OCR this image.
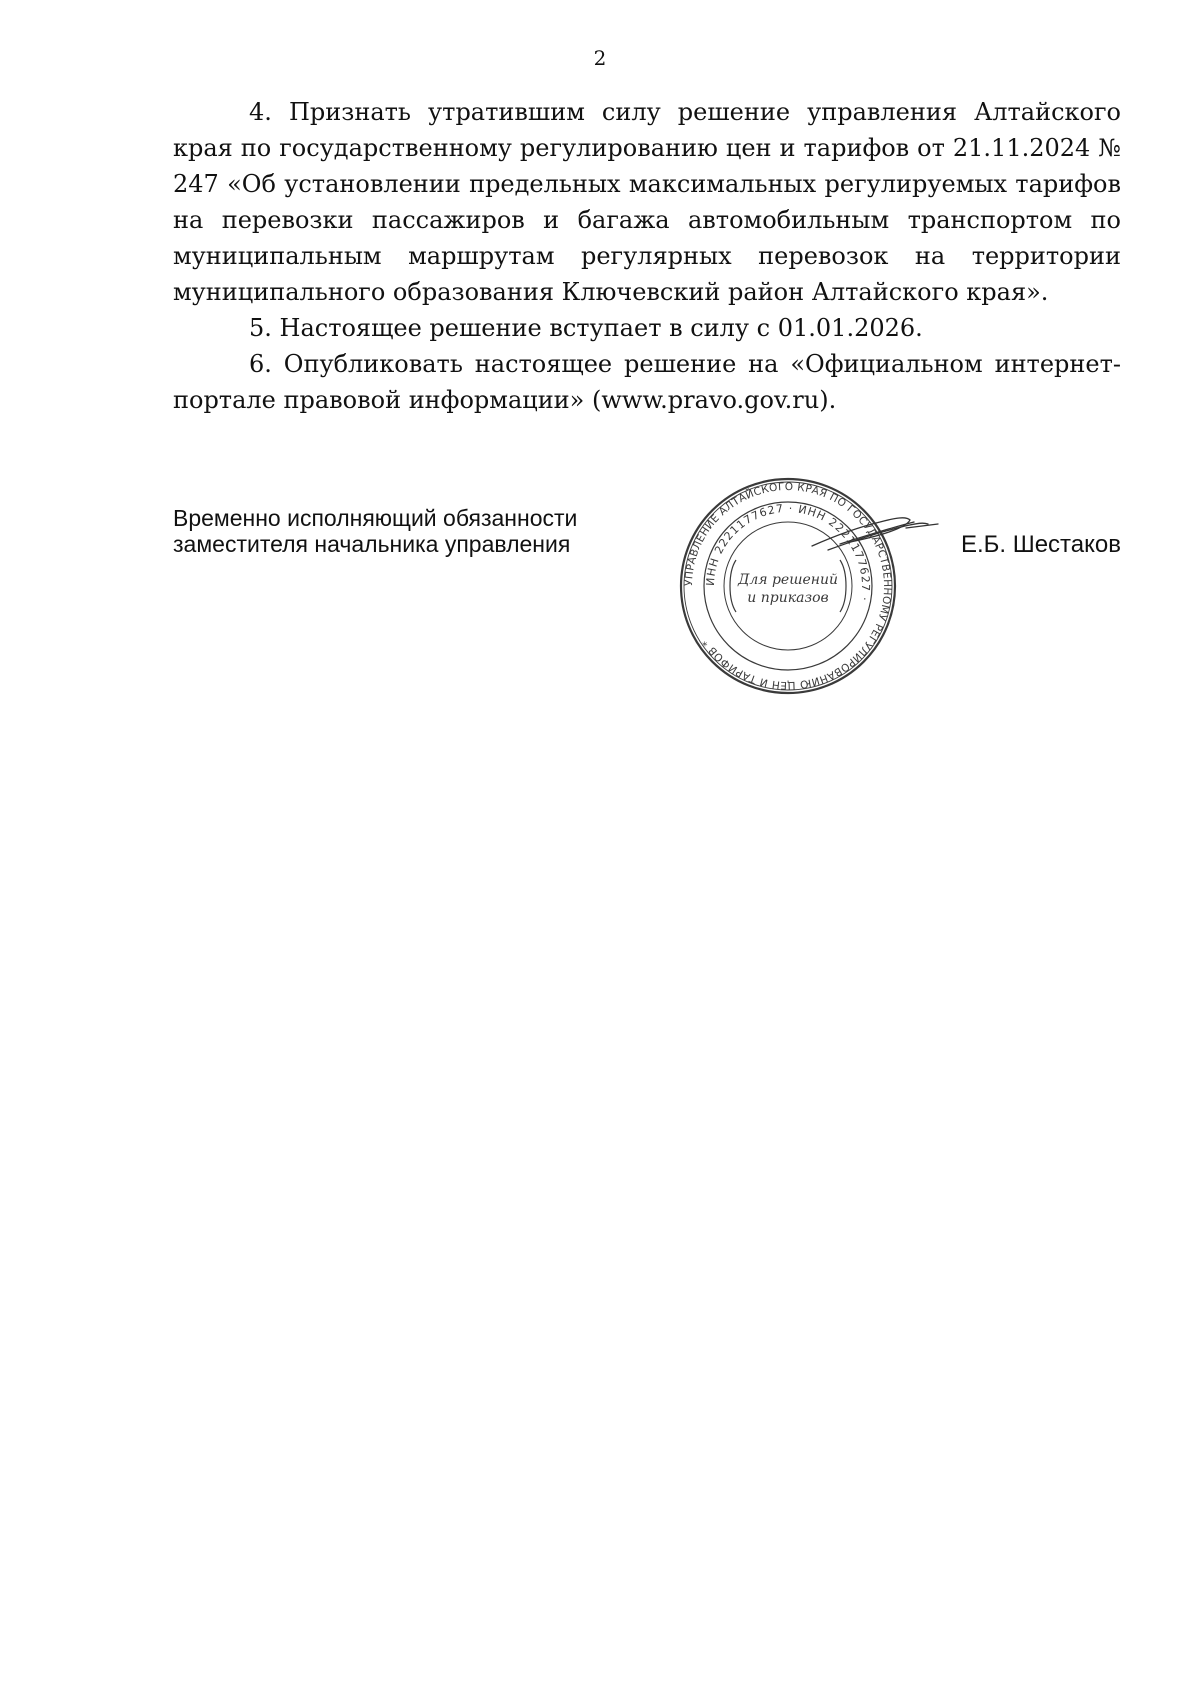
2

4. Признать утратившим силу решение управления Алтайского края по государственному регулированию цен и тарифов от 21.11.2024 № 247 «Об установлении предельных максимальных регулируемых тарифов на перевозки пассажиров и багажа автомобильным транспортом по муниципальным маршрутам регулярных перевозок на территории муниципального образования Ключевский район Алтайского края».

5. Настоящее решение вступает в силу с 01.01.2026.

6. Опубликовать настоящее решение на «Официальном интернет-портале правовой информации» (www.pravo.gov.ru).

Временно исполняющий обязанности
заместителя начальника управления
УПРАВЛЕНИЕ АЛТАЙСКОГО КРАЯ ПО ГОСУДАРСТВЕННОМУ РЕГУЛИРОВАНИЮ ЦЕН И ТАРИФОВ *
ИНН 2221177627 · ИНН 2221177627 ·
Для решений
и приказов
Е.Б. Шестаков
